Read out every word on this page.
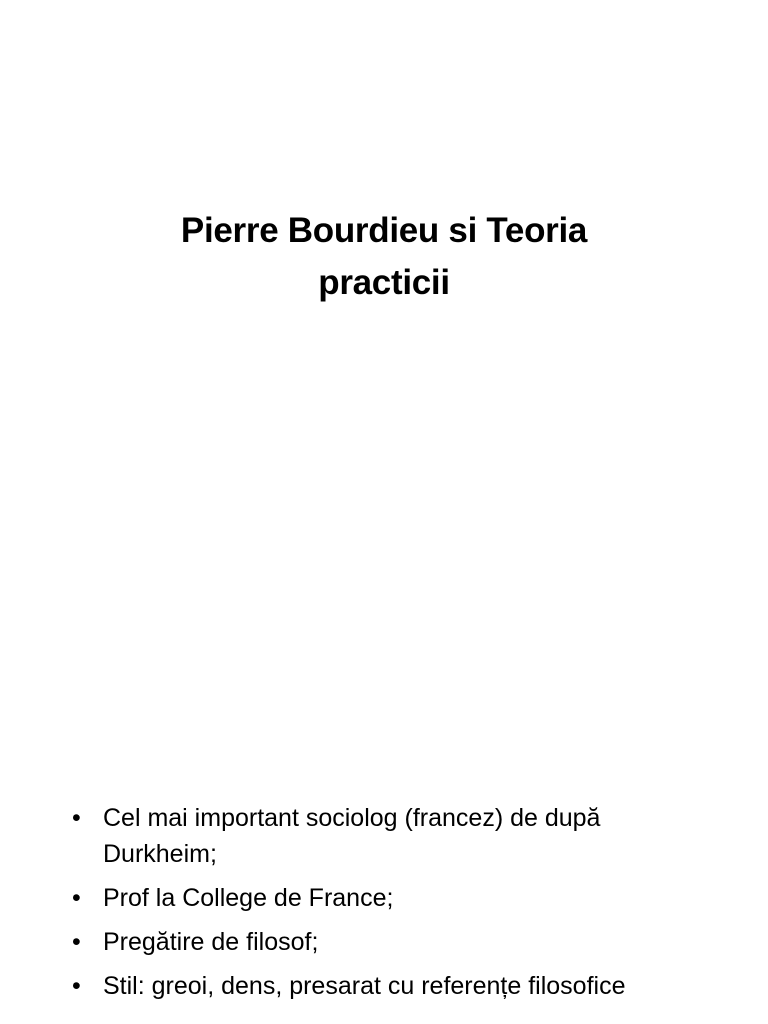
Pierre Bourdieu si Teoria practicii
• Cel mai important sociolog (francez) de după Durkheim;
• Prof la College de France;
• Pregătire de filosof;
• Stil: greoi, dens, presarat cu referențe filosofice
